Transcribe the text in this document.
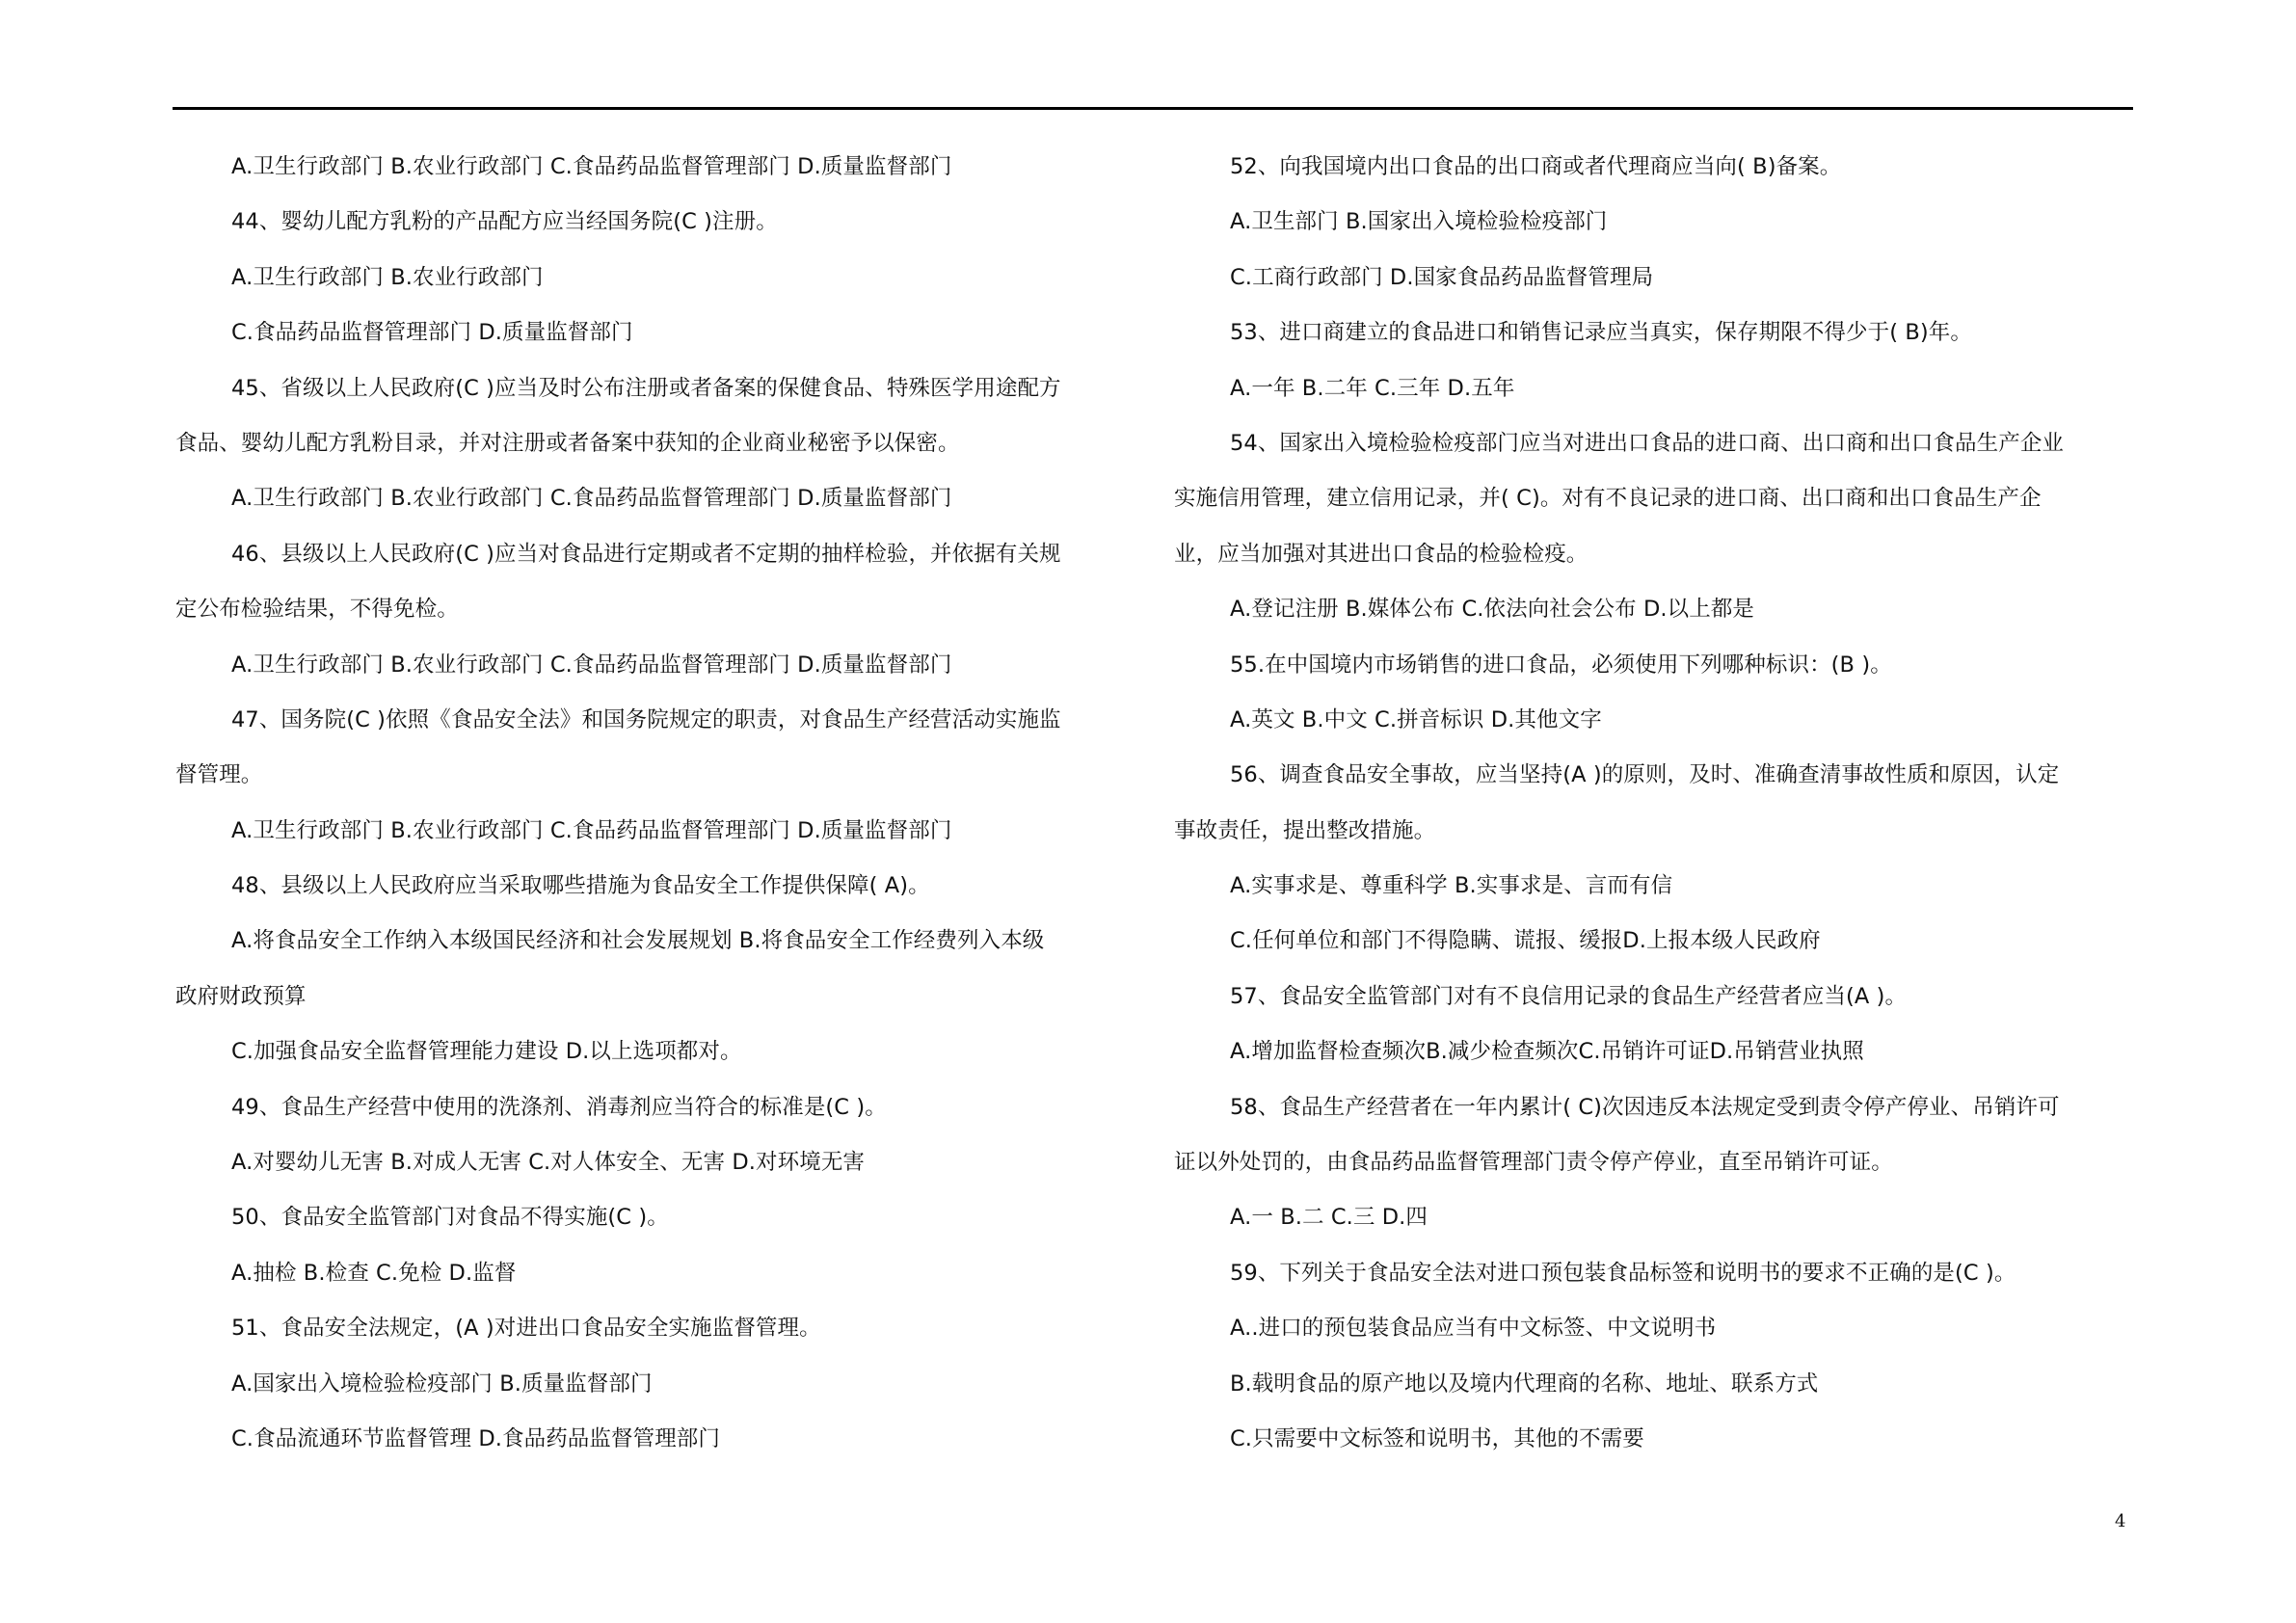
A.卫生行政部门 B.农业行政部门 C.食品药品监督管理部门 D.质量监督部门
44、婴幼儿配方乳粉的产品配方应当经国务院(C )注册。
A.卫生行政部门 B.农业行政部门
C.食品药品监督管理部门 D.质量监督部门
45、省级以上人民政府(C )应当及时公布注册或者备案的保健食品、特殊医学用途配方
食品、婴幼儿配方乳粉目录，并对注册或者备案中获知的企业商业秘密予以保密。
A.卫生行政部门 B.农业行政部门 C.食品药品监督管理部门 D.质量监督部门
46、县级以上人民政府(C )应当对食品进行定期或者不定期的抽样检验，并依据有关规
定公布检验结果，不得免检。
A.卫生行政部门 B.农业行政部门 C.食品药品监督管理部门 D.质量监督部门
47、国务院(C )依照《食品安全法》和国务院规定的职责，对食品生产经营活动实施监
督管理。
A.卫生行政部门 B.农业行政部门 C.食品药品监督管理部门 D.质量监督部门
48、县级以上人民政府应当采取哪些措施为食品安全工作提供保障( A)。
A.将食品安全工作纳入本级国民经济和社会发展规划 B.将食品安全工作经费列入本级
政府财政预算
C.加强食品安全监督管理能力建设 D.以上选项都对。
49、食品生产经营中使用的洗涤剂、消毒剂应当符合的标准是(C )。
A.对婴幼儿无害 B.对成人无害 C.对人体安全、无害 D.对环境无害
50、食品安全监管部门对食品不得实施(C )。
A.抽检 B.检查 C.免检 D.监督
51、食品安全法规定，(A )对进出口食品安全实施监督管理。
A.国家出入境检验检疫部门 B.质量监督部门
C.食品流通环节监督管理 D.食品药品监督管理部门
52、向我国境内出口食品的出口商或者代理商应当向( B)备案。
A.卫生部门 B.国家出入境检验检疫部门
C.工商行政部门 D.国家食品药品监督管理局
53、进口商建立的食品进口和销售记录应当真实，保存期限不得少于( B)年。
A.一年 B.二年 C.三年 D.五年
54、国家出入境检验检疫部门应当对进出口食品的进口商、出口商和出口食品生产企业
实施信用管理，建立信用记录，并( C)。对有不良记录的进口商、出口商和出口食品生产企
业，应当加强对其进出口食品的检验检疫。
A.登记注册 B.媒体公布 C.依法向社会公布 D.以上都是
55.在中国境内市场销售的进口食品，必须使用下列哪种标识：(B )。
A.英文 B.中文 C.拼音标识 D.其他文字
56、调查食品安全事故，应当坚持(A )的原则，及时、准确查清事故性质和原因，认定
事故责任，提出整改措施。
A.实事求是、尊重科学 B.实事求是、言而有信
C.任何单位和部门不得隐瞒、谎报、缓报D.上报本级人民政府
57、食品安全监管部门对有不良信用记录的食品生产经营者应当(A )。
A.增加监督检查频次B.减少检查频次C.吊销许可证D.吊销营业执照
58、食品生产经营者在一年内累计( C)次因违反本法规定受到责令停产停业、吊销许可
证以外处罚的，由食品药品监督管理部门责令停产停业，直至吊销许可证。
A.一 B.二 C.三 D.四
59、下列关于食品安全法对进口预包装食品标签和说明书的要求不正确的是(C )。
A..进口的预包装食品应当有中文标签、中文说明书
B.载明食品的原产地以及境内代理商的名称、地址、联系方式
C.只需要中文标签和说明书，其他的不需要
4
